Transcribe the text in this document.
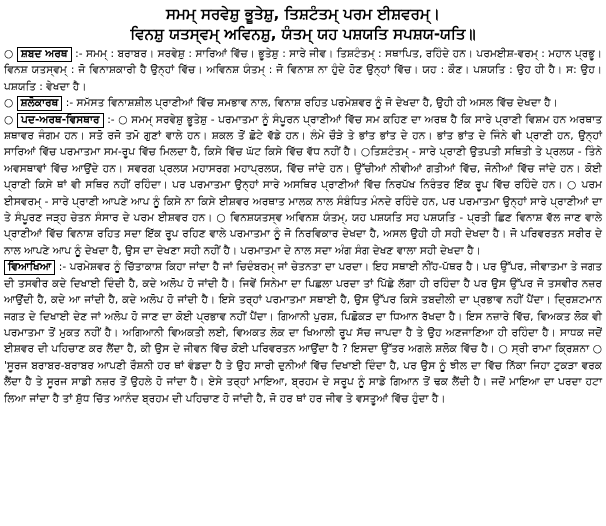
ਸਮਮ੍ ਸਰਵੇਸ਼ੁ ਭੂਤੇਸ਼ੁ, ਤਿਸ਼ਟੰਤਮ੍ ਪਰਮ ਈਸ਼ਵਰਮ੍।
ਵਿਨਸ਼ੁ ਯਤਸ੍ਵਮ੍ ਅਵਿਨਸ਼ੁ, ਯੰਤਮ੍ ਯਹ ਪਸ਼ਯਤਿ ਸਪਸ਼ਯ-ਯਤਿ॥

○ ਸ਼ਬਦ ਅਰਥ :- ਸਮਮ੍ : ਬਰਾਬਰ। ਸਰਵੇਸ਼ੁ : ਸਾਰਿਆਂ ਵਿੱਚ। ਭੂਤੇਸ਼ੁ : ਸਾਰੇ ਜੀਵ। ਤਿਸ਼ਟੰਤਮ੍ : ਸਥਾਪਿਤ, ਰਹਿੰਦੇ ਹਨ। ਪਰਮਈਸ਼-ਵਰਮ੍ : ਮਹਾਨ ਪ੍ਰਭੂ। ਵਿਨਸ਼ ਯਤਸ੍ਵਮ੍ : ਜੋ ਵਿਨਾਸ਼ਕਾਰੀ ਹੈ ਉਨ੍ਹਾਂ ਵਿੱਚ। ਅਵਿਨਸ਼ ਯੰਤਮ੍ : ਜੋ ਵਿਨਾਸ਼ ਨਾ ਹੁੰਦੇ ਹੋਣ ਉਨ੍ਹਾਂ ਵਿੱਚ। ਯਹ : ਕੌਣ। ਪਸ਼ਯਤਿ : ਉਹ ਹੀ ਹੈ। ਸ: ਉਹ। ਪਸ਼ਯਤਿ : ਵੇਖਦਾ ਹੈ।

○ ਸ਼ਲੋਕਾਰਥ :- ਸਮੱਸਤ ਵਿਨਾਸ਼ਸ਼ੀਲ ਪ੍ਰਾਣੀਆਂ ਵਿੱਚ ਸਮਭਾਵ ਨਾਲ, ਵਿਨਾਸ਼ ਰਹਿਤ ਪਰਮੇਸ਼ਵਰ ਨੂੰ ਜੋ ਦੇਖਦਾ ਹੈ, ਉਹੀ ਹੀ ਅਸਲ ਵਿੱਚ ਦੇਖਦਾ ਹੈ।

○ ਪਦ-ਅਰਥ-ਵਿਸਥਾਰ :- ○ ਸਮਮ੍ ਸਰਵੇਸ਼ੁ ਭੂਤੇਸ਼ੁ - ਪਰਮਾਤਮਾ ਨੂੰ ਸੰਪੂਰਨ ਪ੍ਰਾਣੀਆਂ ਵਿੱਚ ਸਮ ਕਹਿਣ ਦਾ ਅਰਥ ਹੈ ਕਿ ਸਾਰੇ ਪ੍ਰਾਣੀ ਵਿਸ਼ਮ ਹਨ ਅਰਥਾਤ ਸ਼ਥਾਵਰ ਜੰਗਮ ਹਨ। ਸਤੋ ਰਜੋ ਤਮੋ ਗੁਣਾਂ ਵਾਲੇ ਹਨ। ਸ਼ਕਲ ਤੋਂ ਛੋਟੇ ਵੱਡੇ ਹਨ। ਲੰਮੇ ਚੌੜੇ ਤੇ ਭਾਂਤ ਭਾਂਤ ਦੇ ਹਨ। ਭਾਂਤ ਭਾਂਤ ਦੇ ਜਿੰਨੇ ਵੀ ਪ੍ਰਾਣੀ ਹਨ, ਉਨ੍ਹਾਂ ਸਾਰਿਆਂ ਵਿੱਚ ਪਰਮਾਤਮਾ ਸਮ-ਰੂਪ ਵਿੱਚ ਮਿਲਦਾ ਹੈ, ਕਿਸੇ ਵਿੱਚ ਘੱਟ ਕਿਸੇ ਵਿੱਚ ਵੱਧ ਨਹੀਂ ਹੈ। ○ਤਿਸ਼ਟੰਤਮ੍ - ਸਾਰੇ ਪ੍ਰਾਣੀ ਉਤਪਤੀ ਸਥਿਤੀ ਤੇ ਪ੍ਰਲਯ - ਤਿੰਨੇ ਅਵਸਥਾਵਾਂ ਵਿੱਚ ਆਉਂਦੇ ਹਨ। ਸਵਰਗ ਪ੍ਰਲਯ ਮਹਾਸਰਗ ਮਹਾਪ੍ਰਲਯ, ਵਿੱਚ ਜਾਂਦੇ ਹਨ। ਉੱਚੀਆਂ ਨੀਵੀਆਂ ਗਤੀਆਂ ਵਿੱਚ, ਜੋਨੀਆਂ ਵਿੱਚ ਜਾਂਦੇ ਹਨ। ਕੋਈ ਪ੍ਰਾਣੀ ਕਿਸੇ ਥਾਂ ਵੀ ਸਥਿਰ ਨਹੀਂ ਰਹਿੰਦਾ। ਪਰ ਪਰਮਾਤਮਾ ਉਨ੍ਹਾਂ ਸਾਰੇ ਅਸਥਿਰ ਪ੍ਰਾਣੀਆਂ ਵਿੱਚ ਨਿਰਪੱਖ ਨਿਰੰਤਰ ਇੱਕ ਰੂਪ ਵਿੱਚ ਰਹਿੰਦੇ ਹਨ। ○ ਪਰਮ ਈਸਵਰਮ੍ - ਸਾਰੇ ਪ੍ਰਾਣੀ ਆਪਣੇ ਆਪ ਨੂੰ ਕਿਸੇ ਨਾ ਕਿਸੇ ਈਸ਼ਵਰ ਅਰਥਾਤ ਮਾਲਕ ਨਾਲ ਸੰਬੰਧਿਤ ਮੰਨਦੇ ਰਹਿੰਦੇ ਹਨ, ਪਰ ਪਰਮਾਤਮਾ ਉਨ੍ਹਾਂ ਸਾਰੇ ਪ੍ਰਾਣੀਆਂ ਦਾ ਤੇ ਸੰਪੂਰਣ ਜੜ੍ਹ ਚੇਤਨ ਸੰਸਾਰ ਦੇ ਪਰਮ ਈਸ਼ਵਰ ਹਨ। ○ ਵਿਨਸ਼ਯਤਸ੍ਵ ਅਵਿਨਸ਼ ਯੰਤਮ੍, ਯਹ ਪਸ਼ਯਤਿ ਸਹ ਪਸ਼ਯਤਿ - ਪ੍ਰਤੀ ਛਿਣ ਵਿਨਾਸ਼ ਵੱਲ ਜਾਣ ਵਾਲੇ ਪ੍ਰਾਣੀਆਂ ਵਿੱਚ ਵਿਨਾਸ਼ ਰਹਿਤ ਸਦਾ ਇੱਕ ਰੂਪ ਰਹਿਣ ਵਾਲੇ ਪਰਮਾਤਮਾ ਨੂੰ ਜੋ ਨਿਰਵਿਕਾਰ ਦੇਖਦਾ ਹੈ, ਅਸਲ ਉਹੀ ਹੀ ਸਹੀ ਦੇਖਦਾ ਹੈ। ਜੋ ਪਰਿਵਰਤਨ ਸਰੀਰ ਦੇ ਨਾਲ ਆਪਣੇ ਆਪ ਨੂੰ ਦੇਖਦਾ ਹੈ, ਉਸ ਦਾ ਦੇਖਣਾ ਸਹੀ ਨਹੀਂ ਹੈ। ਪਰਮਾਤਮਾ ਦੇ ਨਾਲ ਸਦਾ ਅੰਗ ਸੰਗ ਦੇਖਣ ਵਾਲਾ ਸਹੀ ਦੇਖਦਾ ਹੈ।

ਵਿਆਖਿਆ :- ਪਰਮੇਸ਼ਵਰ ਨੂੰ ਚਿੱਤਾਕਾਸ਼ ਕਿਹਾ ਜਾਂਦਾ ਹੈ ਜਾਂ ਚਿਦੰਬਰਮ੍ ਜਾਂ ਚੇਤਨਤਾ ਦਾ ਪਰਦਾ। ਇਹ ਸਥਾਈ ਨੀਂਹ-ਪੱਥਰ ਹੈ। ਪਰ ਉੱਪਰ, ਜੀਵਾਤਮਾ ਤੇ ਜਗਤ ਦੀ ਤਸਵੀਰ ਕਦੇ ਦਿਖਾਈ ਦਿੰਦੀ ਹੈ, ਕਦੇ ਅਲੋਪ ਹੋ ਜਾਂਦੀ ਹੈ। ਜਿਵੇਂ ਸਿਨੇਮਾ ਦਾ ਪਿਛਲਾ ਪਰਦਾ ਤਾਂ ਪਿੱਛੇ ਲੱਗਾ ਹੀ ਰਹਿੰਦਾ ਹੈ ਪਰ ਉਸ ਉੱਪਰ ਜੋ ਤਸਵੀਰ ਨਜ਼ਰ ਆਉਂਦੀ ਹੈ, ਕਦੇ ਆ ਜਾਂਦੀ ਹੈ, ਕਦੇ ਅਲੋਪ ਹੋ ਜਾਂਦੀ ਹੈ। ਇਸੇ ਤਰ੍ਹਾਂ ਪਰਮਾਤਮਾ ਸਥਾਈ ਹੈ, ਉਸ ਉੱਪਰ ਕਿਸੇ ਤਬਦੀਲੀ ਦਾ ਪ੍ਰਭਾਵ ਨਹੀਂ ਪੈਂਦਾ। ਦ੍ਰਿਸ਼ਟਮਾਨ ਜਗਤ ਦੇ ਦਿਖਾਈ ਦੇਣ ਜਾਂ ਅਲੋਪ ਹੋ ਜਾਣ ਦਾ ਕੋਈ ਪ੍ਰਭਾਵ ਨਹੀਂ ਪੈਂਦਾ। ਗਿਆਨੀ ਪੁਰਸ਼, ਪਿਛੋਕੜ ਦਾ ਧਿਆਨ ਰੱਖਦਾ ਹੈ। ਇਸ ਨਜ਼ਾਰੇ ਵਿੱਚ, ਵਿਅਕਤ ਲੋਕ ਵੀ ਪਰਮਾਤਮਾ ਤੋਂ ਮੁਕਤ ਨਹੀਂ ਹੈ। ਅਗਿਆਨੀ ਵਿਅਕਤੀ ਲਈ, ਵਿਅਕਤ ਲੋਕ ਦਾ ਖਿਆਲੀ ਰੂਪ ਸੱਚ ਜਾਪਦਾ ਹੈ ਤੇ ਉਹ ਅਣਜਾਣਿਆ ਹੀ ਰਹਿੰਦਾ ਹੈ। ਸਾਧਕ ਜਦੋਂ ਈਸ਼ਵਰ ਦੀ ਪਹਿਚਾਣ ਕਰ ਲੈਂਦਾ ਹੈ, ਕੀ ਉਸ ਦੇ ਜੀਵਨ ਵਿੱਚ ਕੋਈ ਪਰਿਵਰਤਨ ਆਉਂਦਾ ਹੈ ? ਇਸਦਾ ਉੱਤਰ ਅਗਲੇ ਸ਼ਲੋਕ ਵਿੱਚ ਹੈ। ○ ਸ੍ਰੀ ਰਾਮਾ ਕ੍ਰਿਸ਼ਨਾ ○ 'ਸੂਰਜ ਬਰਾਬਰ-ਬਰਾਬਰ ਆਪਣੀ ਰੌਸ਼ਨੀ ਹਰ ਥਾਂ ਵੰਡਦਾ ਹੈ ਤੇ ਉਹ ਸਾਰੀ ਦੁਨੀਆਂ ਵਿੱਚ ਦਿਖਾਈ ਦਿੰਦਾ ਹੈ, ਪਰ ਉਸ ਨੂੰ ਝੀਲ ਦਾ ਵਿੱਚ ਨਿੱਕਾ ਜਿਹਾ ਟੁਕੜਾ ਵਰਕ ਲੈਂਦਾ ਹੈ ਤੇ ਸੂਰਜ ਸਾਡੀ ਨਜ਼ਰ ਤੋਂ ਉਹਲੇ ਹੋ ਜਾਂਦਾ ਹੈ। ਏਸੇ ਤਰ੍ਹਾਂ ਮਾਇਆ, ਬ੍ਰਹਮ ਦੇ ਸਰੂਪ ਨੂੰ ਸਾਡੇ ਗਿਆਨ ਤੋਂ ਢਕ ਲੈਂਦੀ ਹੈ। ਜਦੋਂ ਮਾਇਆ ਦਾ ਪਰਦਾ ਹਟਾ ਲਿਆ ਜਾਂਦਾ ਹੈ ਤਾਂ ਸ਼ੁੱਧ ਚਿੱਤ ਆਨੰਦ ਬ੍ਰਹਮ ਦੀ ਪਹਿਚਾਣ ਹੋ ਜਾਂਦੀ ਹੈ, ਜੋ ਹਰ ਥਾਂ ਹਰ ਜੀਵ ਤੇ ਵਸਤੂਆਂ ਵਿੱਚ ਹੁੰਦਾ ਹੈ।
